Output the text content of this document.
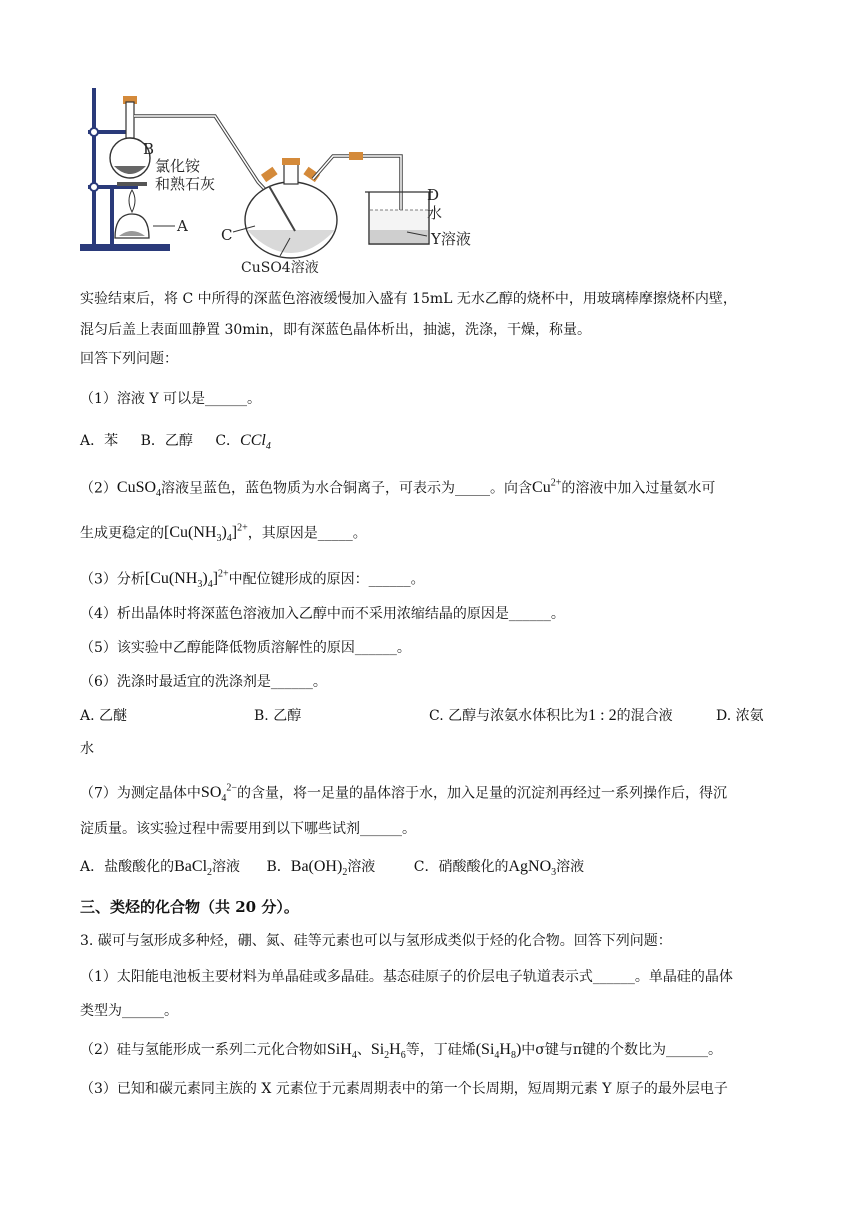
B
氯化铵
和熟石灰
A C
CuSO4溶液
D
水
Y溶液
实验结束后，将 C 中所得的深蓝色溶液缓慢加入盛有 15mL 无水乙醇的烧杯中，用玻璃棒摩擦烧杯内壁，
混匀后盖上表面皿静置 30min，即有深蓝色晶体析出，抽滤，洗涤，干燥，称量。
回答下列问题：
（1）溶液 Y 可以是______。
A．苯 B．乙醇 C．CCl$_4$
（2）CuSO$_4$溶液呈蓝色，蓝色物质为水合铜离子，可表示为_____。向含$Cu^{2+}$的溶液中加入过量氨水可
生成更稳定的$[Cu(NH_3)_4]^{2+}$，其原因是_____。
（3）分析$[Cu(NH_3)_4]^{2+}$中配位键形成的原因：______。
（4）析出晶体时将深蓝色溶液加入乙醇中而不采用浓缩结晶的原因是______。
（5）该实验中乙醇能降低物质溶解性的原因______。
（6）洗涤时最适宜的洗涤剂是______。
A. 乙醚	B. 乙醇	C. 乙醇与浓氨水体积比为1 : 2的混合液	D. 浓氨
水
（7）为测定晶体中$SO_4^{2-}$的含量，将一足量的晶体溶于水，加入足量的沉淀剂再经过一系列操作后，得沉
淀质量。该实验过程中需要用到以下哪些试剂______。
A．盐酸酸化的BaCl$_2$溶液 B．$Ba(OH)_2$溶液	C．硝酸酸化的AgNO$_3$溶液
三、类烃的化合物（共 20 分）。
3. 碳可与氢形成多种烃，硼、氮、硅等元素也可以与氢形成类似于烃的化合物。回答下列问题：
（1）太阳能电池板主要材料为单晶硅或多晶硅。基态硅原子的价层电子轨道表示式______。单晶硅的晶体
类型为______。
（2）硅与氢能形成一系列二元化合物如SiH$_4$、$Si_2H_6$等，丁硅烯$(Si_4H_8)$中σ键与π键的个数比为______。
（3）已知和碳元素同主族的 X 元素位于元素周期表中的第一个长周期，短周期元素 Y 原子的最外层电子
